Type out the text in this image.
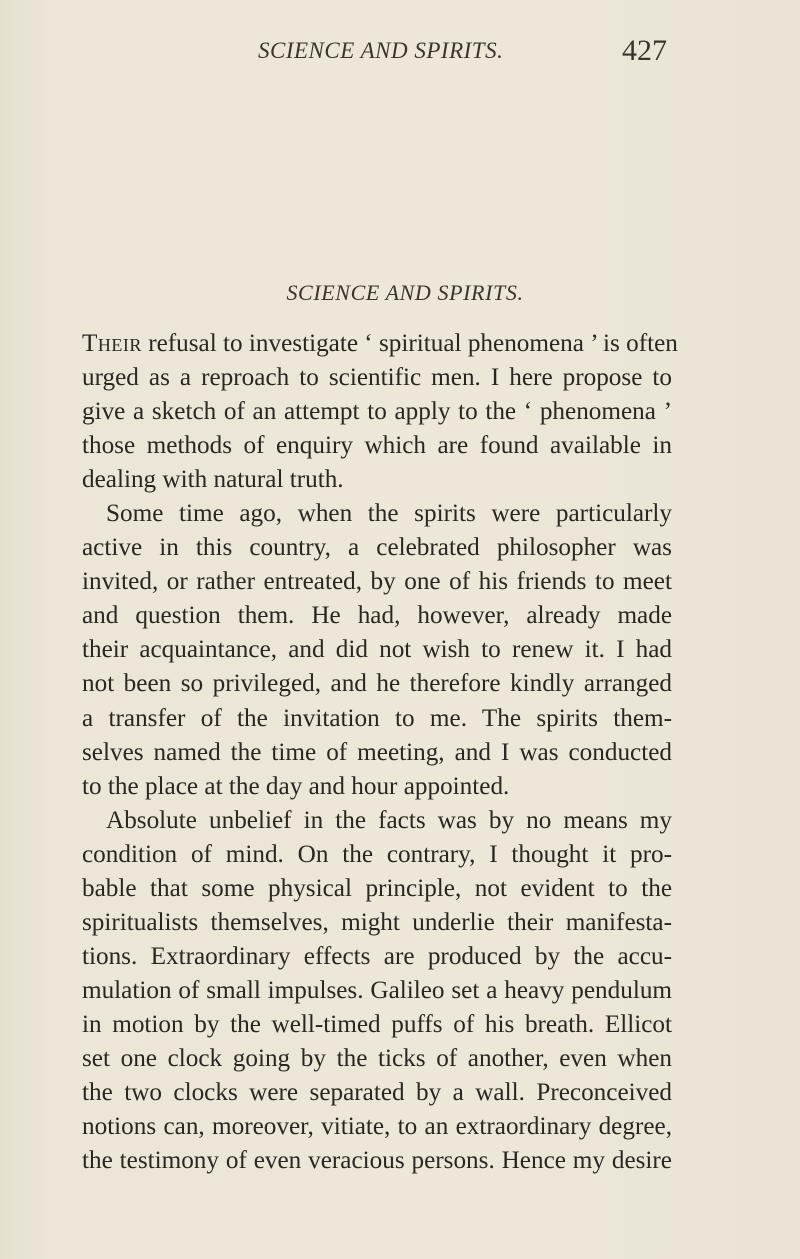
SCIENCE AND SPIRITS.	427
SCIENCE AND SPIRITS.
Their refusal to investigate ‘ spiritual phenomena ’ is often
urged as a reproach to scientific men. I here propose to
give a sketch of an attempt to apply to the ‘ phenomena ’
those methods of enquiry which are found available in
dealing with natural truth.
Some time ago, when the spirits were particularly
active in this country, a celebrated philosopher was
invited, or rather entreated, by one of his friends to meet
and question them. He had, however, already made
their acquaintance, and did not wish to renew it. I had
not been so privileged, and he therefore kindly arranged
a transfer of the invitation to me. The spirits them-
selves named the time of meeting, and I was conducted
to the place at the day and hour appointed.
Absolute unbelief in the facts was by no means my
condition of mind. On the contrary, I thought it pro-
bable that some physical principle, not evident to the
spiritualists themselves, might underlie their manifesta-
tions. Extraordinary effects are produced by the accu-
mulation of small impulses. Galileo set a heavy pendulum
in motion by the well-timed puffs of his breath. Ellicot
set one clock going by the ticks of another, even when
the two clocks were separated by a wall. Preconceived
notions can, moreover, vitiate, to an extraordinary degree,
the testimony of even veracious persons. Hence my desire
